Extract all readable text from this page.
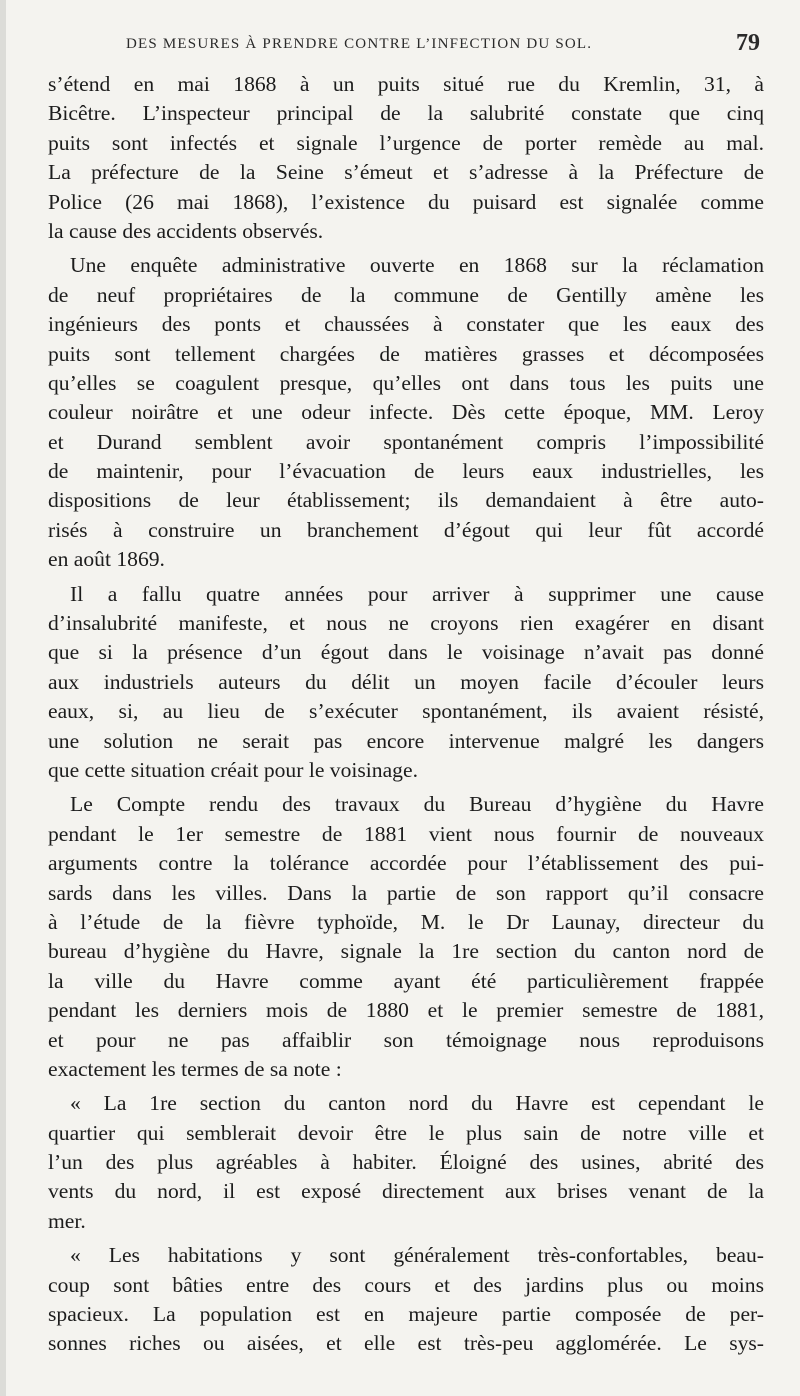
DES MESURES À PRENDRE CONTRE L’INFECTION DU SOL.	79
s’étend en mai 1868 à un puits situé rue du Kremlin, 31, à
Bicêtre. L’inspecteur principal de la salubrité constate que cinq
puits sont infectés et signale l’urgence de porter remède au mal.
La préfecture de la Seine s’émeut et s’adresse à la Préfecture de
Police (26 mai 1868), l’existence du puisard est signalée comme
la cause des accidents observés.
Une enquête administrative ouverte en 1868 sur la réclamation
de neuf propriétaires de la commune de Gentilly amène les
ingénieurs des ponts et chaussées à constater que les eaux des
puits sont tellement chargées de matières grasses et décomposées
qu’elles se coagulent presque, qu’elles ont dans tous les puits une
couleur noirâtre et une odeur infecte. Dès cette époque, MM. Leroy
et Durand semblent avoir spontanément compris l’impossibilité
de maintenir, pour l’évacuation de leurs eaux industrielles, les
dispositions de leur établissement; ils demandaient à être auto-
risés à construire un branchement d’égout qui leur fût accordé
en août 1869.
Il a fallu quatre années pour arriver à supprimer une cause
d’insalubrité manifeste, et nous ne croyons rien exagérer en disant
que si la présence d’un égout dans le voisinage n’avait pas donné
aux industriels auteurs du délit un moyen facile d’écouler leurs
eaux, si, au lieu de s’exécuter spontanément, ils avaient résisté,
une solution ne serait pas encore intervenue malgré les dangers
que cette situation créait pour le voisinage.
Le Compte rendu des travaux du Bureau d’hygiène du Havre
pendant le 1er semestre de 1881 vient nous fournir de nouveaux
arguments contre la tolérance accordée pour l’établissement des pui-
sards dans les villes. Dans la partie de son rapport qu’il consacre
à l’étude de la fièvre typhoïde, M. le Dr Launay, directeur du
bureau d’hygiène du Havre, signale la 1re section du canton nord de
la ville du Havre comme ayant été particulièrement frappée
pendant les derniers mois de 1880 et le premier semestre de 1881,
et pour ne pas affaiblir son témoignage nous reproduisons
exactement les termes de sa note :
« La 1re section du canton nord du Havre est cependant le
quartier qui semblerait devoir être le plus sain de notre ville et
l’un des plus agréables à habiter. Éloigné des usines, abrité des
vents du nord, il est exposé directement aux brises venant de la
mer.
« Les habitations y sont généralement très-confortables, beau-
coup sont bâties entre des cours et des jardins plus ou moins
spacieux. La population est en majeure partie composée de per-
sonnes riches ou aisées, et elle est très-peu agglomérée. Le sys-
